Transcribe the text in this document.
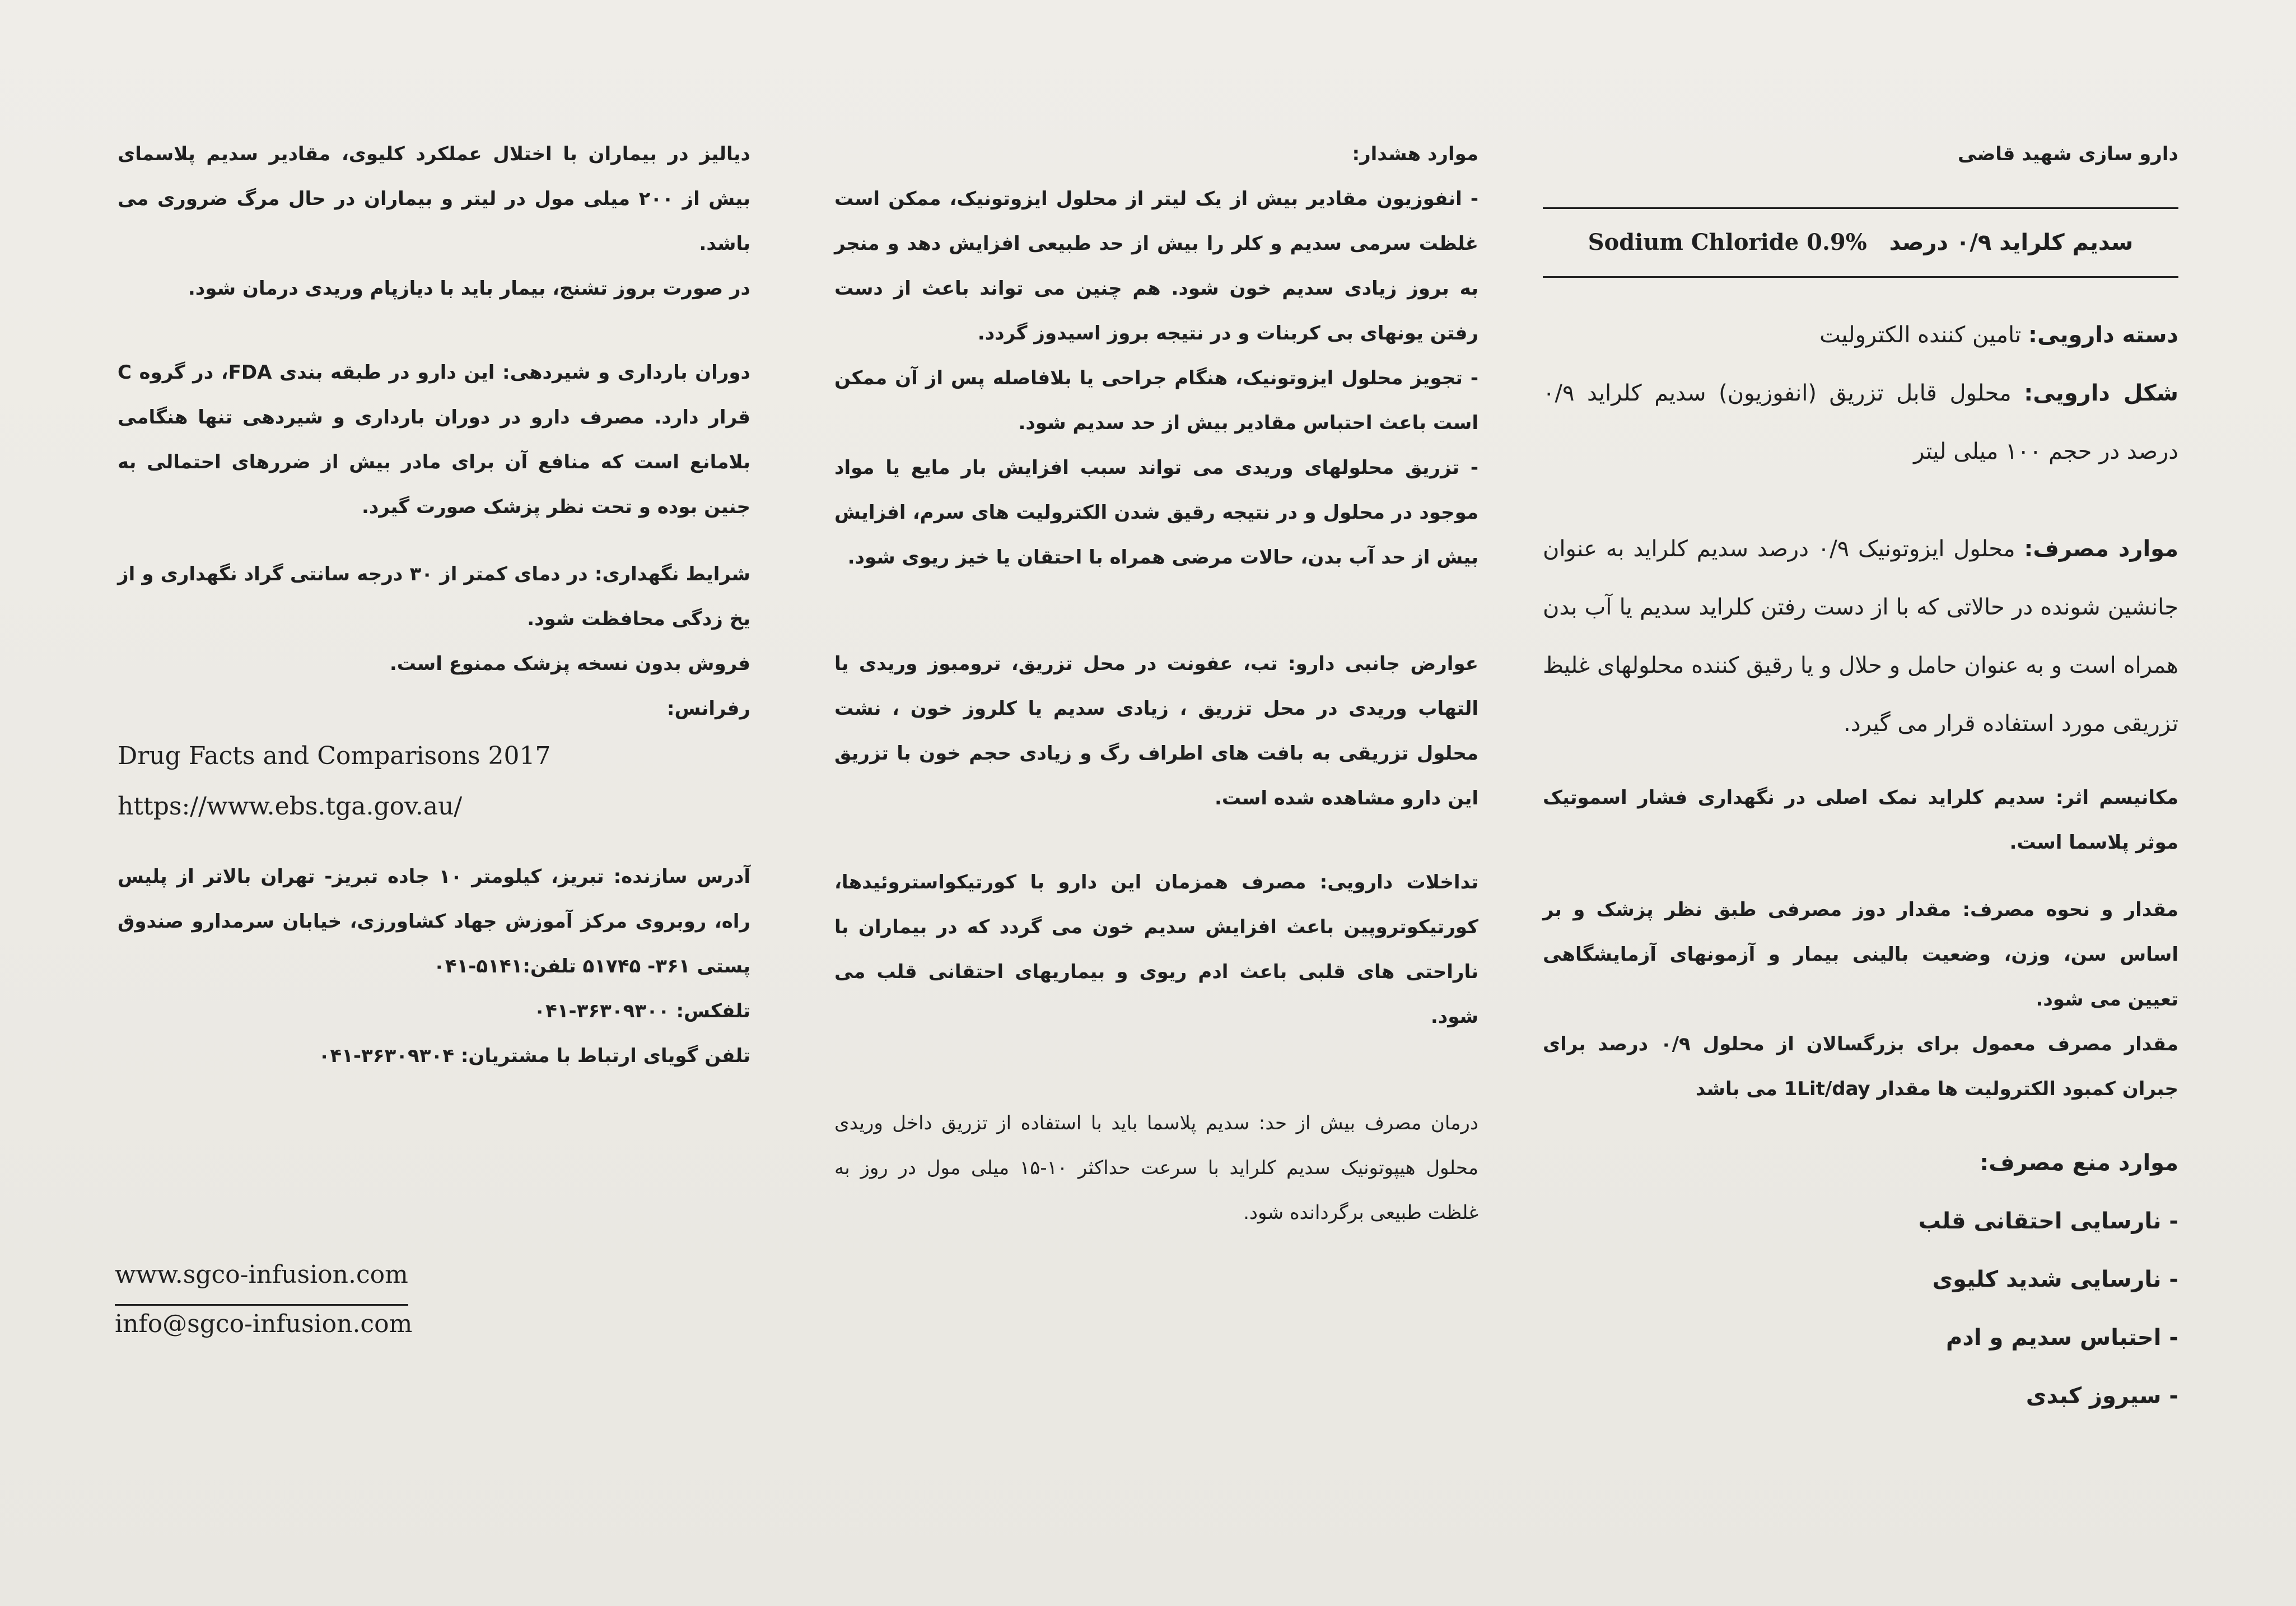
دارو سازی شهید قاضی
Sodium Chloride 0.9% سدیم کلراید ۰/۹ درصد

دسته دارویی: تامین کننده الکترولیت

شکل دارویی: محلول قابل تزریق (انفوزیون) سدیم کلراید ۰/۹ درصد در حجم ۱۰۰ میلی لیتر

موارد مصرف: محلول ایزوتونیک ۰/۹ درصد سدیم کلراید به عنوان جانشین شونده در حالاتی که با از دست رفتن کلراید سدیم یا آب بدن همراه است و به عنوان حامل و حلال و یا رقیق کننده محلولهای غلیظ تزریقی مورد استفاده قرار می گیرد.

مکانیسم اثر: سدیم کلراید نمک اصلی در نگهداری فشار اسموتیک موثر پلاسما است.

مقدار و نحوه مصرف: مقدار دوز مصرفی طبق نظر پزشک و بر اساس سن، وزن، وضعیت بالینی بیمار و آزمونهای آزمایشگاهی تعیین می شود.

مقدار مصرف معمول برای بزرگسالان از محلول ۰/۹ درصد برای جبران کمبود الکترولیت ها مقدار 1Lit/day می باشد

موارد منع مصرف:

- نارسایی احتقانی قلب

- نارسایی شدید کلیوی

- احتباس سدیم و ادم

- سیروز کبدی

موارد هشدار:

- انفوزیون مقادیر بیش از یک لیتر از محلول ایزوتونیک، ممکن است غلظت سرمی سدیم و کلر را بیش از حد طبیعی افزایش دهد و منجر به بروز زیادی سدیم خون شود. هم چنین می تواند باعث از دست رفتن یونهای بی کربنات و در نتیجه بروز اسیدوز گردد.

- تجویز محلول ایزوتونیک، هنگام جراحی یا بلافاصله پس از آن ممکن است باعث احتباس مقادیر بیش از حد سدیم شود.

- تزریق محلولهای وریدی می تواند سبب افزایش بار مایع یا مواد موجود در محلول و در نتیجه رقیق شدن الکترولیت های سرم، افزایش بیش از حد آب بدن، حالات مرضی همراه با احتقان یا خیز ریوی شود.

عوارض جانبی دارو: تب، عفونت در محل تزریق، ترومبوز وریدی یا التهاب وریدی در محل تزریق ، زیادی سدیم یا کلروز خون ، نشت محلول تزریقی به بافت های اطراف رگ و زیادی حجم خون با تزریق این دارو مشاهده شده است.

تداخلات دارویی: مصرف همزمان این دارو با کورتیکواستروئیدها، کورتیکوتروپین باعث افزایش سدیم خون می گردد که در بیماران با ناراحتی های قلبی باعث ادم ریوی و بیماریهای احتقانی قلب می شود.

درمان مصرف بیش از حد: سدیم پلاسما باید با استفاده از تزریق داخل وریدی محلول هیپوتونیک سدیم کلراید با سرعت حداکثر ۱۰-۱۵ میلی مول در روز به غلظت طبیعی برگردانده شود.

دیالیز در بیماران با اختلال عملکرد کلیوی، مقادیر سدیم پلاسمای بیش از ۲۰۰ میلی مول در لیتر و بیماران در حال مرگ ضروری می باشد.

در صورت بروز تشنج، بیمار باید با دیازپام وریدی درمان شود.

دوران بارداری و شیردهی: این دارو در طبقه بندی FDA، در گروه C قرار دارد. مصرف دارو در دوران بارداری و شیردهی تنها هنگامی بلامانع است که منافع آن برای مادر بیش از ضررهای احتمالی به جنین بوده و تحت نظر پزشک صورت گیرد.

شرایط نگهداری: در دمای کمتر از ۳۰ درجه سانتی گراد نگهداری و از یخ زدگی محافظت شود.

فروش بدون نسخه پزشک ممنوع است.

رفرانس:

Drug Facts and Comparisons 2017

https://www.ebs.tga.gov.au/

آدرس سازنده: تبریز، کیلومتر ۱۰ جاده تبریز- تهران بالاتر از پلیس راه، روبروی مرکز آموزش جهاد کشاورزی، خیابان سرمدارو صندوق پستی ۳۶۱- ۵۱۷۴۵ تلفن:۵۱۴۱-۰۴۱

تلفکس: ۳۶۳۰۹۳۰۰-۰۴۱

تلفن گویای ارتباط با مشتریان: ۳۶۳۰۹۳۰۴-۰۴۱

www.sgco-infusion.com
info@sgco-infusion.com
